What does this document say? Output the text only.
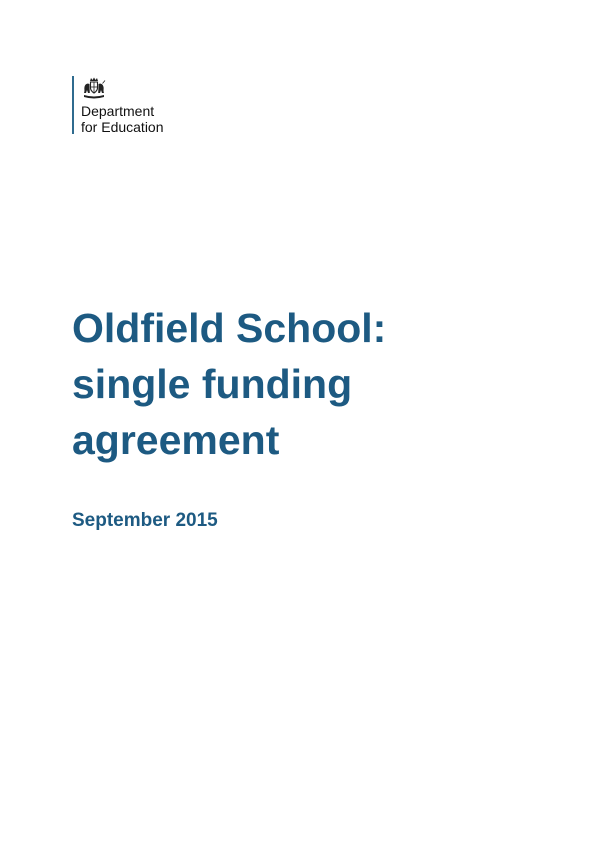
Department
for Education
Oldfield School:
single funding
agreement

September 2015
